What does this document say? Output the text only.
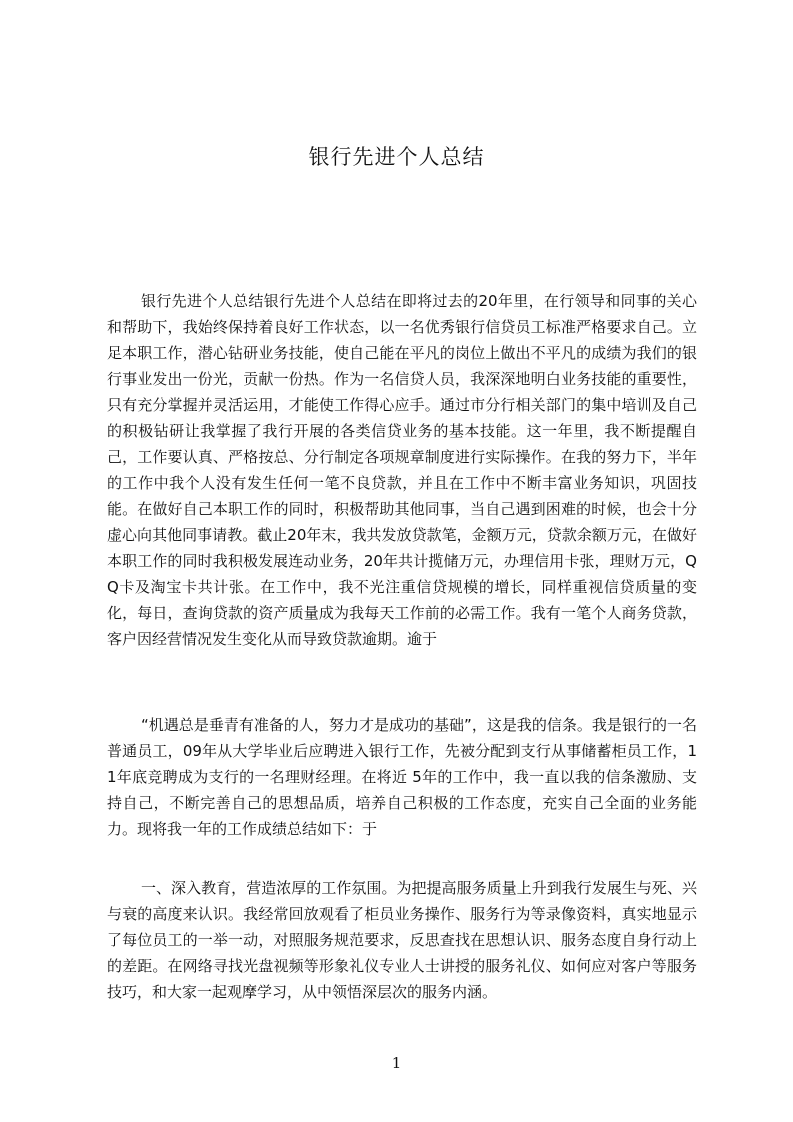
银行先进个人总结

银行先进个人总结银行先进个人总结在即将过去的20年里，在行领导和同事的关心和帮助下，我始终保持着良好工作状态，以一名优秀银行信贷员工标准严格要求自己。立足本职工作，潜心钻研业务技能，使自己能在平凡的岗位上做出不平凡的成绩为我们的银行事业发出一份光，贡献一份热。作为一名信贷人员，我深深地明白业务技能的重要性，只有充分掌握并灵活运用，才能使工作得心应手。通过市分行相关部门的集中培训及自己的积极钻研让我掌握了我行开展的各类信贷业务的基本技能。这一年里，我不断提醒自己，工作要认真、严格按总、分行制定各项规章制度进行实际操作。在我的努力下，半年的工作中我个人没有发生任何一笔不良贷款，并且在工作中不断丰富业务知识，巩固技能。在做好自己本职工作的同时，积极帮助其他同事，当自己遇到困难的时候，也会十分虚心向其他同事请教。截止20年末，我共发放贷款笔，金额万元，贷款余额万元，在做好本职工作的同时我积极发展连动业务，20年共计揽储万元，办理信用卡张，理财万元，QQ卡及淘宝卡共计张。在工作中，我不光注重信贷规模的增长，同样重视信贷质量的变化，每日，查询贷款的资产质量成为我每天工作前的必需工作。我有一笔个人商务贷款，客户因经营情况发生变化从而导致贷款逾期。逾于

“机遇总是垂青有准备的人，努力才是成功的基础”，这是我的信条。我是银行的一名普通员工，09年从大学毕业后应聘进入银行工作，先被分配到支行从事储蓄柜员工作，11年底竞聘成为支行的一名理财经理。在将近 5年的工作中，我一直以我的信条激励、支持自己，不断完善自己的思想品质，培养自己积极的工作态度，充实自己全面的业务能力。现将我一年的工作成绩总结如下：于

一、深入教育，营造浓厚的工作氛围。为把提高服务质量上升到我行发展生与死、兴与衰的高度来认识。我经常回放观看了柜员业务操作、服务行为等录像资料，真实地显示了每位员工的一举一动，对照服务规范要求，反思查找在思想认识、服务态度自身行动上的差距。在网络寻找光盘视频等形象礼仪专业人士讲授的服务礼仪、如何应对客户等服务技巧，和大家一起观摩学习，从中领悟深层次的服务内涵。

1
